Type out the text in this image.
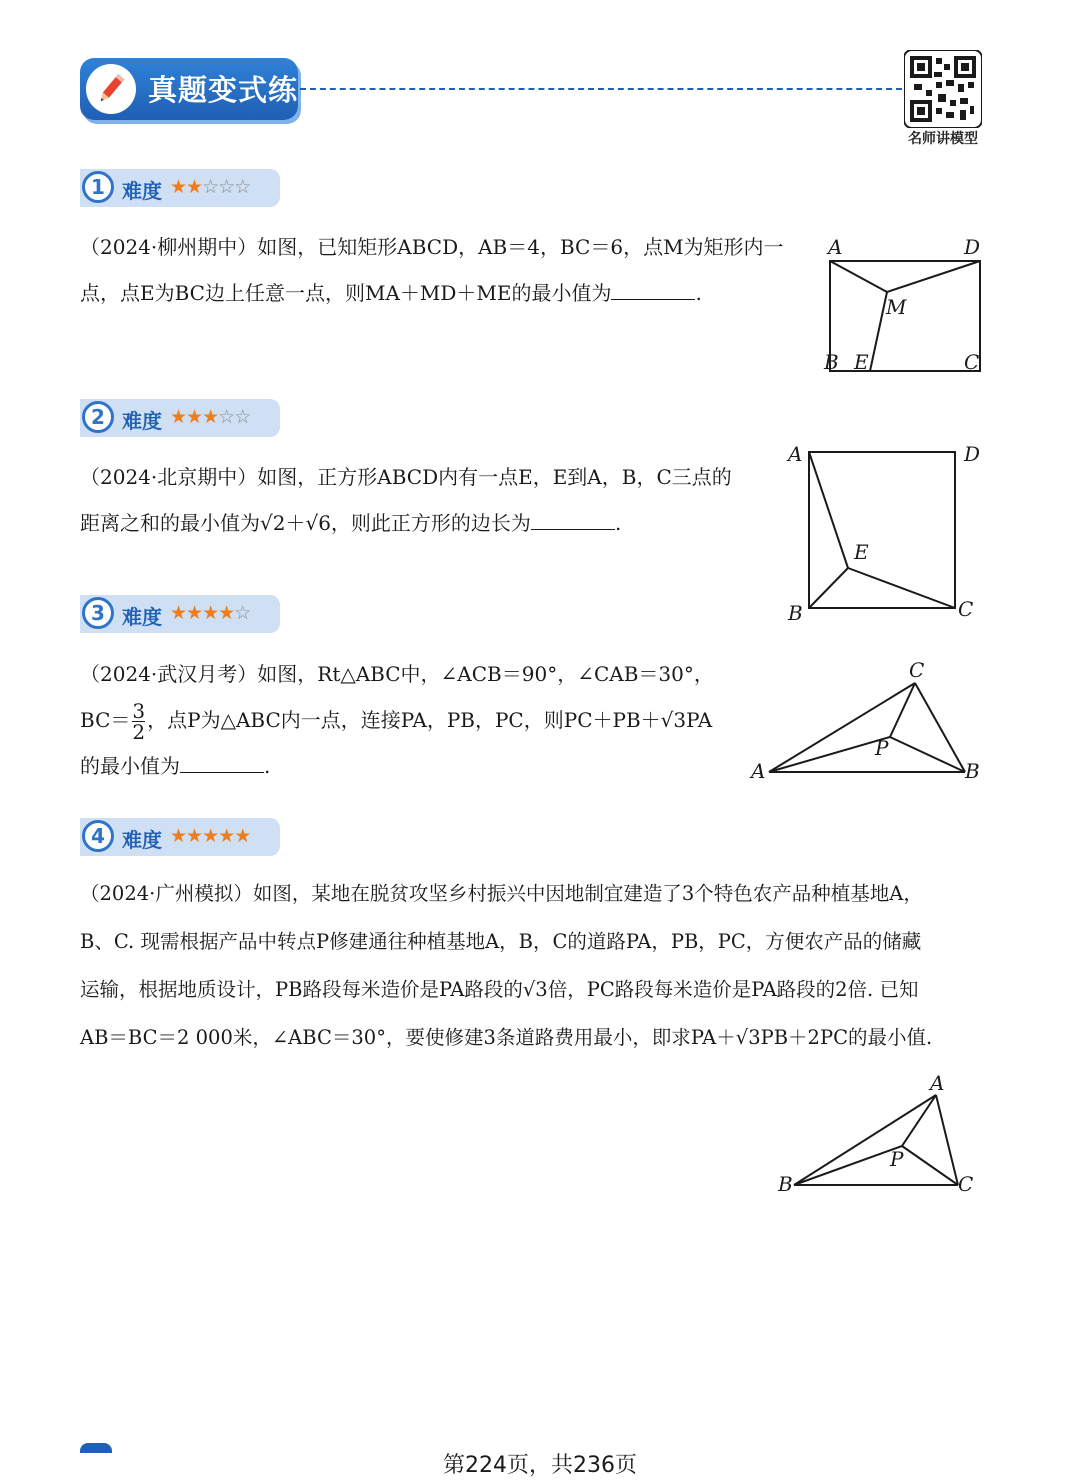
真题变式练
名师讲模型
1 难度 ★★☆☆☆
（2024·柳州期中）如图，已知矩形ABCD，AB＝4，BC＝6，点M为矩形内一
点，点E为BC边上任意一点，则MA＋MD＋ME的最小值为	.
A	D
M
B E	C
2 难度 ★★★☆☆
（2024·北京期中）如图，正方形ABCD内有一点E，E到A，B，C三点的
距离之和的最小值为√2＋√6，则此正方形的边长为	.
A	D
E
B	C
3 难度 ★★★★☆
（2024·武汉月考）如图，Rt△ABC中，∠ACB＝90°，∠CAB＝30°，
$BC= \frac{3}{2}$ ，点P为△ABC内一点，连接PA，PB，PC，则PC＋PB＋√3PA
的最小值为	.
C
P
A	B
4 难度 ★★★★★
（2024·广州模拟）如图，某地在脱贫攻坚乡村振兴中因地制宜建造了3个特色农产品种植基地A，
B、C. 现需根据产品中转点P修建通往种植基地A，B，C的道路PA，PB，PC，方便农产品的储藏
运输，根据地质设计，PB路段每米造价是PA路段的√3倍，PC路段每米造价是PA路段的2倍. 已知
AB＝BC＝2 000米，∠ABC＝30°，要使修建3条道路费用最小，即求PA＋√3PB＋2PC的最小值.
A
P
B	C
第224页，共236页
